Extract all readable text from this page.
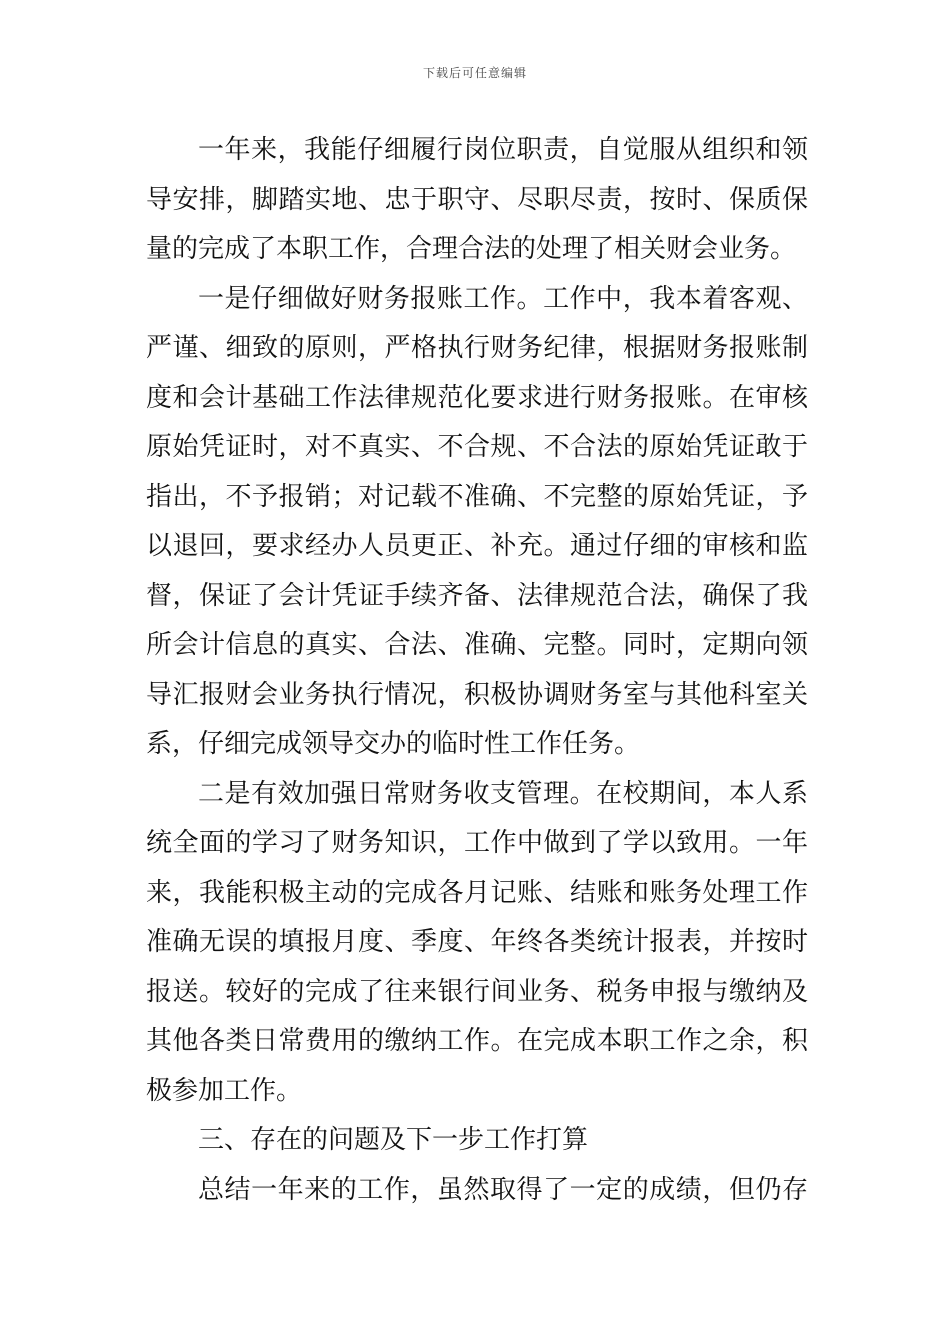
下载后可任意编辑
一年来，我能仔细履行岗位职责，自觉服从组织和领
导安排，脚踏实地、忠于职守、尽职尽责，按时、保质保
量的完成了本职工作，合理合法的处理了相关财会业务。
一是仔细做好财务报账工作。工作中，我本着客观、
严谨、细致的原则，严格执行财务纪律，根据财务报账制
度和会计基础工作法律规范化要求进行财务报账。在审核
原始凭证时，对不真实、不合规、不合法的原始凭证敢于
指出，不予报销；对记载不准确、不完整的原始凭证，予
以退回，要求经办人员更正、补充。通过仔细的审核和监
督，保证了会计凭证手续齐备、法律规范合法，确保了我
所会计信息的真实、合法、准确、完整。同时，定期向领
导汇报财会业务执行情况，积极协调财务室与其他科室关
系，仔细完成领导交办的临时性工作任务。
二是有效加强日常财务收支管理。在校期间，本人系
统全面的学习了财务知识，工作中做到了学以致用。一年
来，我能积极主动的完成各月记账、结账和账务处理工作
准确无误的填报月度、季度、年终各类统计报表，并按时
报送。较好的完成了往来银行间业务、税务申报与缴纳及
其他各类日常费用的缴纳工作。在完成本职工作之余，积
极参加工作。
三、存在的问题及下一步工作打算
总结一年来的工作，虽然取得了一定的成绩，但仍存
